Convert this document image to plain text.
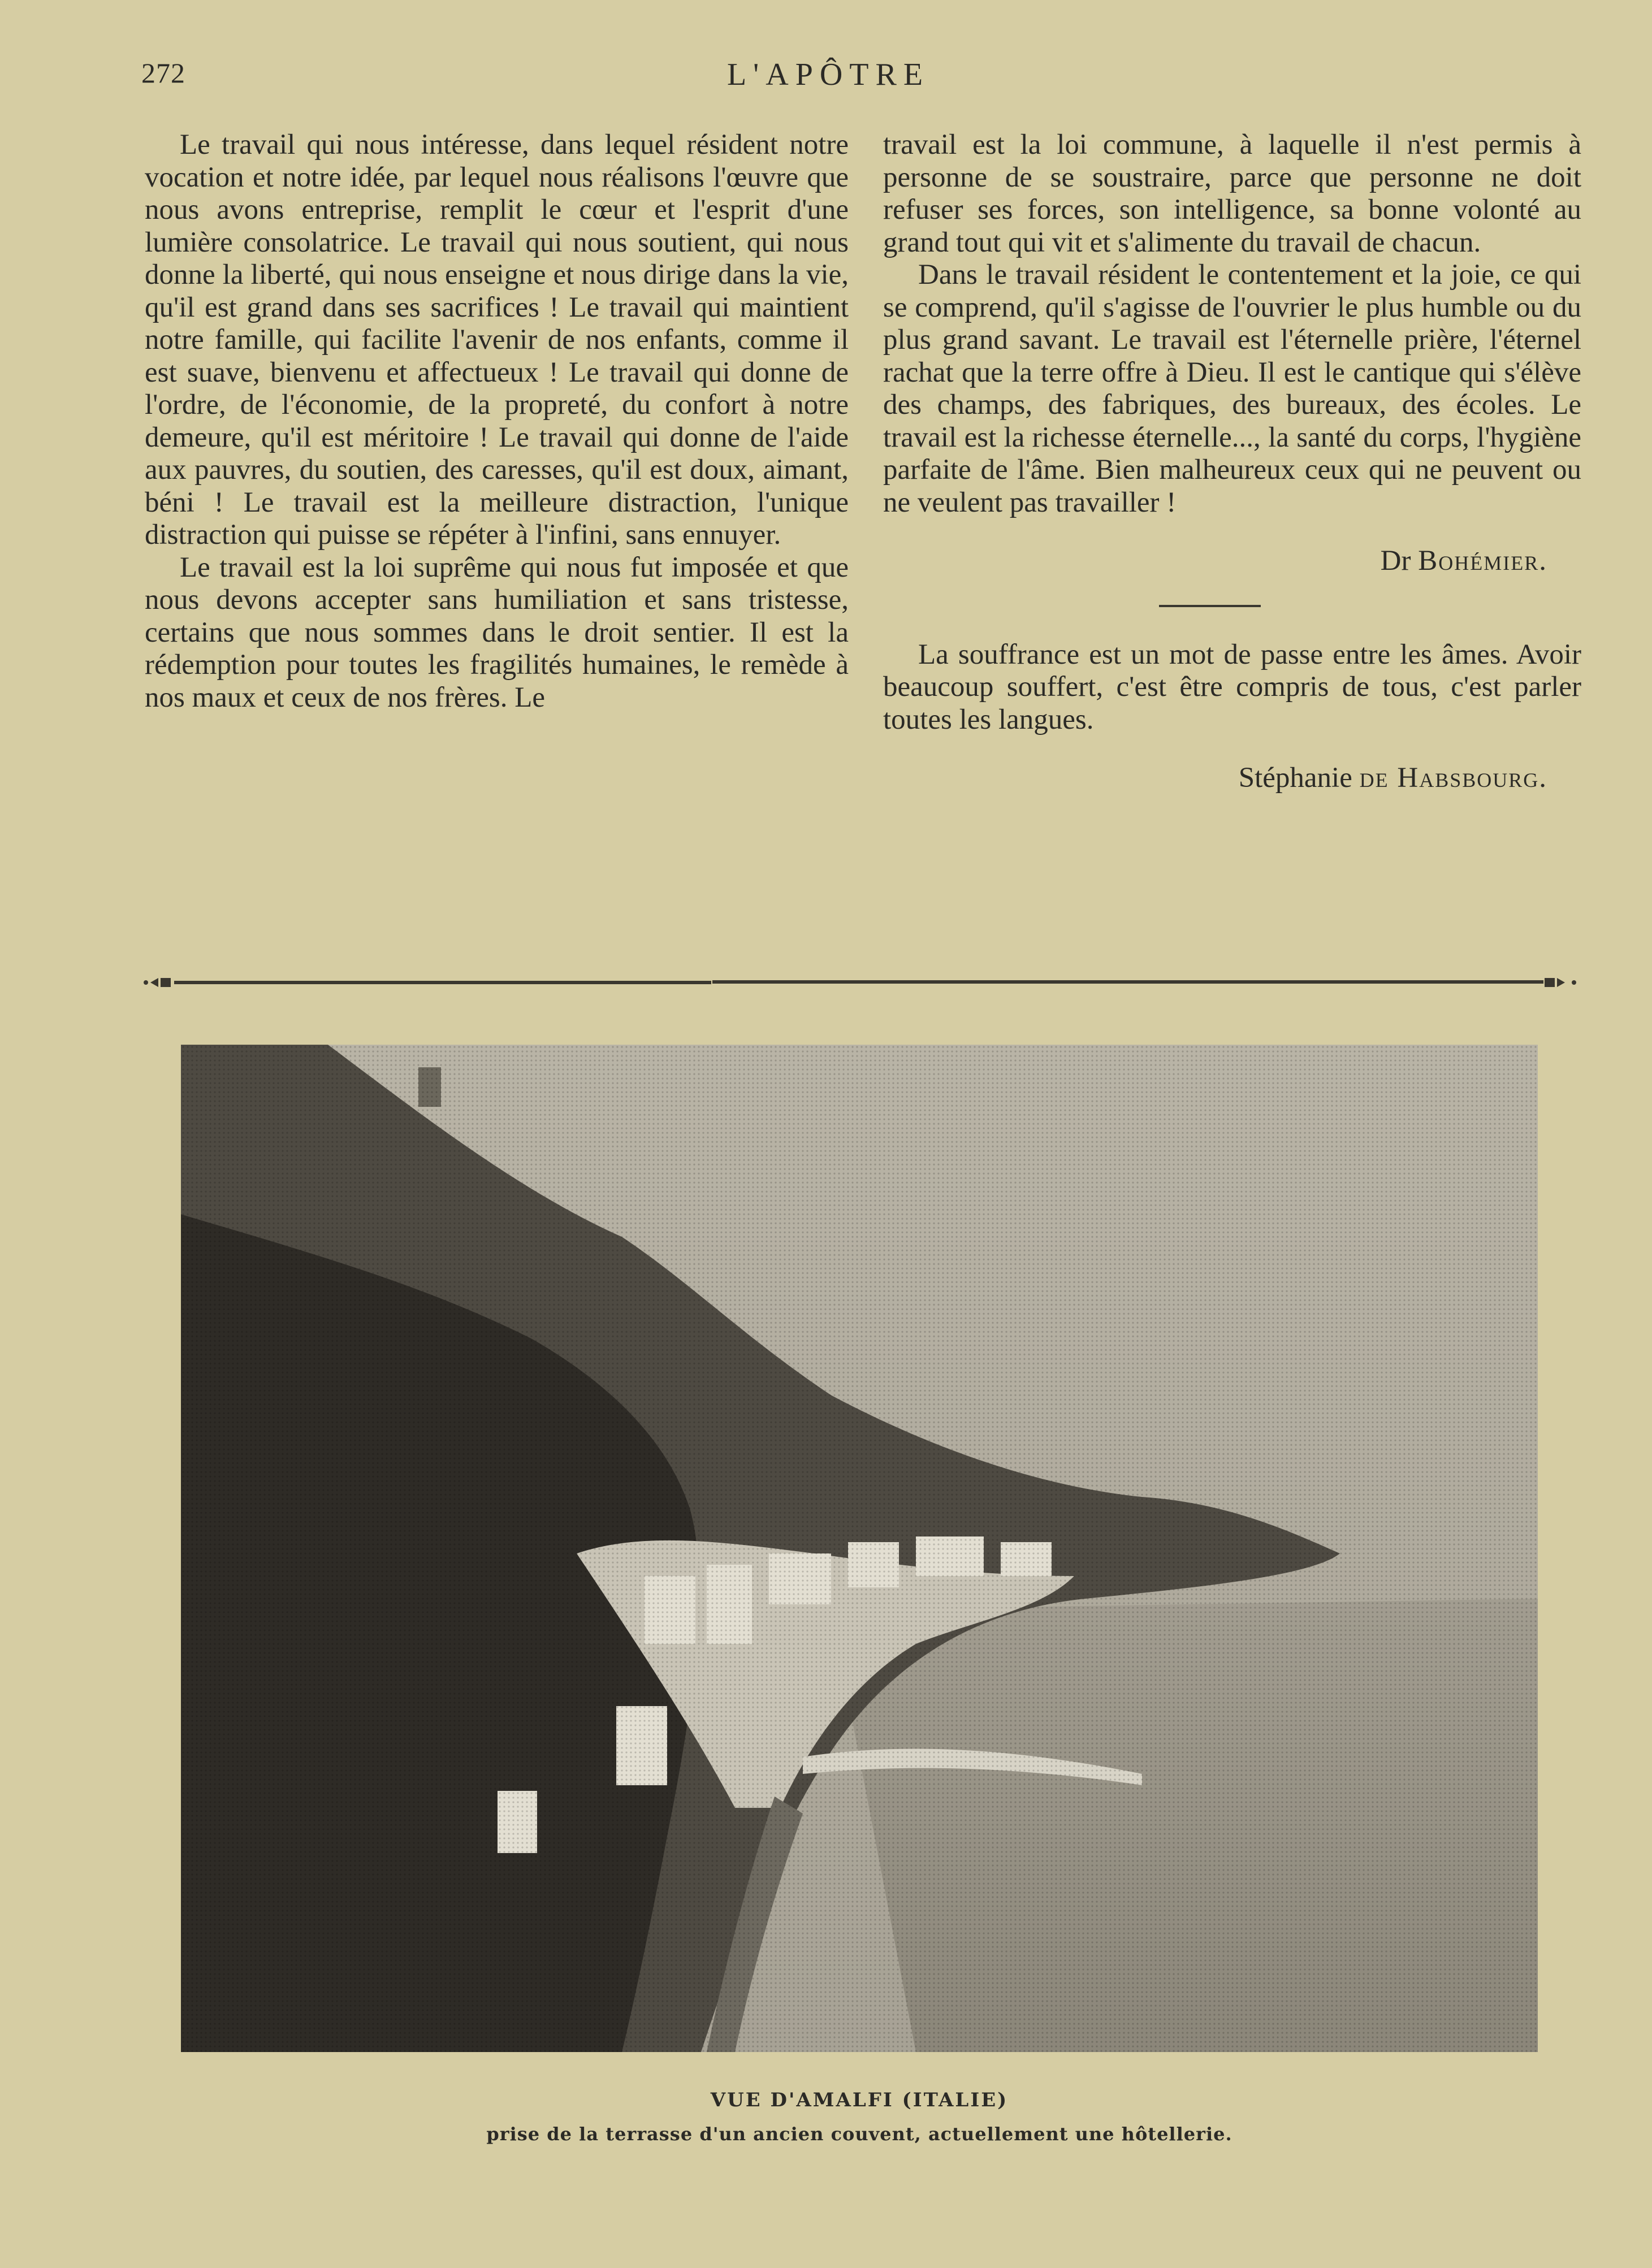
272	L'APÔTRE

Le travail qui nous intéresse, dans lequel résident notre vocation et notre idée, par lequel nous réalisons l'œuvre que nous avons entreprise, remplit le cœur et l'esprit d'une lumière consolatrice. Le travail qui nous soutient, qui nous donne la liberté, qui nous enseigne et nous dirige dans la vie, qu'il est grand dans ses sacrifices ! Le travail qui maintient notre famille, qui facilite l'avenir de nos enfants, comme il est suave, bienvenu et affectueux ! Le travail qui donne de l'ordre, de l'économie, de la propreté, du confort à notre demeure, qu'il est méritoire ! Le travail qui donne de l'aide aux pauvres, du soutien, des caresses, qu'il est doux, aimant, béni ! Le travail est la meilleure distraction, l'unique distraction qui puisse se répéter à l'infini, sans ennuyer.

Le travail est la loi suprême qui nous fut imposée et que nous devons accepter sans humiliation et sans tristesse, certains que nous sommes dans le droit sentier. Il est la rédemption pour toutes les fragilités humaines, le remède à nos maux et ceux de nos frères. Le

travail est la loi commune, à laquelle il n'est permis à personne de se soustraire, parce que personne ne doit refuser ses forces, son intelligence, sa bonne volonté au grand tout qui vit et s'alimente du travail de chacun.

Dans le travail résident le contentement et la joie, ce qui se comprend, qu'il s'agisse de l'ouvrier le plus humble ou du plus grand savant. Le travail est l'éternelle prière, l'éternel rachat que la terre offre à Dieu. Il est le cantique qui s'élève des champs, des fabriques, des bureaux, des écoles. Le travail est la richesse éternelle..., la santé du corps, l'hygiène parfaite de l'âme. Bien malheureux ceux qui ne peuvent ou ne veulent pas travailler !

Dr Bohémier.

La souffrance est un mot de passe entre les âmes. Avoir beaucoup souffert, c'est être compris de tous, c'est parler toutes les langues.

Stéphanie de Habsbourg.
VUE D'AMALFI (ITALIE)
prise de la terrasse d'un ancien couvent, actuellement une hôtellerie.
